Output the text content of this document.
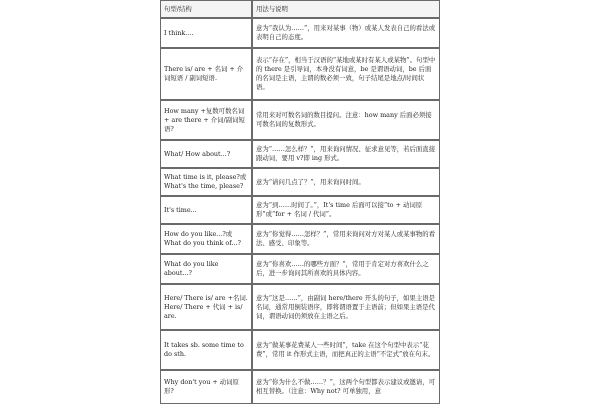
句型/结构	用法与说明
I think....	意为“我认为……”，用来对某事（物）或某人发表自己的看法或表明自己的态度。
There is/ are + 名词 + 介词短语 / 副词短语.	表示“存在”，相当于汉语的“某地或某时有某人或某物”。句型中的 there 是引导词，本身没有词意，be 是谓语动词，be 后面的名词是主语，主谓的数必须一致，句子结尾是地点/时间状语。
How many +复数可数名词 + are there + 介词/副词短语?	常用来对可数名词的数目提问。注意：how many 后面必须接可数名词的复数形式。
What/ How about...?	意为“……怎么样？”，用来询问情况、征求意见等，若后面直接跟动词，要用 v?即 ing 形式。
What time is it, please?或 What's the time, please?	意为“请问几点了？”，用来询问时间。
It's time...	意为“到……时间了。”，It's time 后面可以接“to + 动词原形”或“for + 名词 / 代词”。
How do you like...?或 What do you think of...?	意为“你觉得……怎样？”，常用来询问对方对某人或某事物的看法、感受、印象等。
What do you like about...?	意为“你喜欢……的哪些方面？”，常用于肯定对方喜欢什么之后，进一步询问其所喜欢的具体内容。
Here/ There is/ are +名词. Here/ There + 代词 + is/ are.	意为“这是……”，由副词 here/there 开头的句子，如果主语是名词，通常用倒装语序，即将谓语置于主语前；但如果主语是代词，谓语动词仍须放在主语之后。
It takes sb. some time to do sth.	意为“做某事花费某人一些时间”，take 在这个句型中表示“花费”，常用 it 作形式主语，而把真正的主语“不定式”放在句末。
Why don't you + 动词原形?	意为“你为什么不做……？”，这两个句型都表示建议或邀请，可相互替换。（注意：Why not? 可单独用，意
